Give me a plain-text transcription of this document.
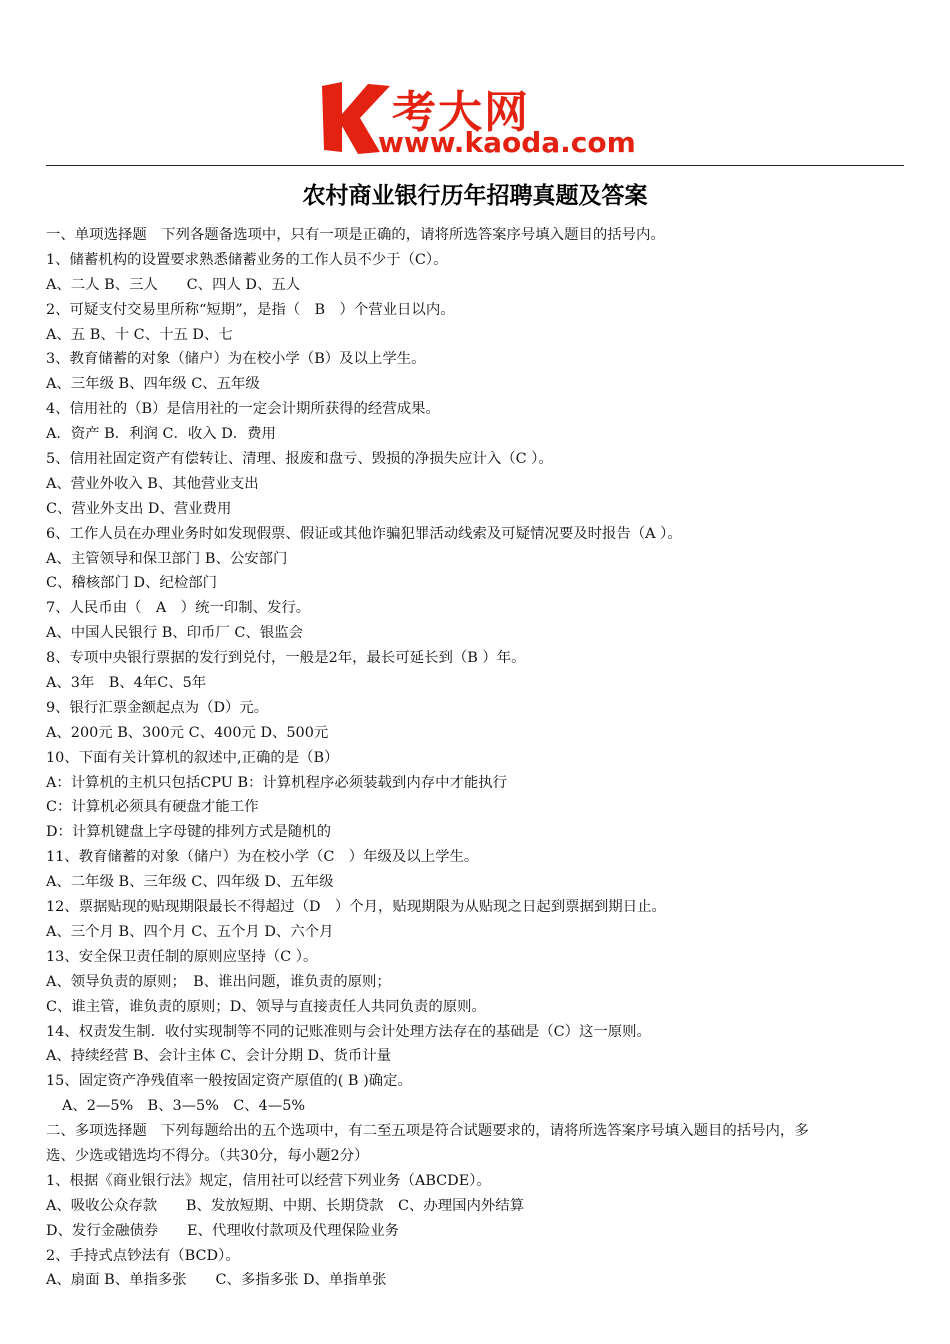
考大网
www.kaoda.com
农村商业银行历年招聘真题及答案
一、单项选择题　下列各题备选项中，只有一项是正确的，请将所选答案序号填入题目的括号内。
1、储蓄机构的设置要求熟悉储蓄业务的工作人员不少于（C）。
A、二人 B、三人　　C、四人 D、五人
2、可疑支付交易里所称“短期”，是指（　B　）个营业日以内。
A、五 B、十 C、十五 D、七
3、教育储蓄的对象（储户）为在校小学（B）及以上学生。
A、三年级 B、四年级 C、五年级
4、信用社的（B）是信用社的一定会计期所获得的经营成果。
A．资产 B．利润 C．收入 D．费用
5、信用社固定资产有偿转让、清理、报废和盘亏、毁损的净损失应计入（C ）。
A、营业外收入 B、其他营业支出
C、营业外支出 D、营业费用
6、工作人员在办理业务时如发现假票、假证或其他诈骗犯罪活动线索及可疑情况要及时报告（A ）。
A、主管领导和保卫部门 B、公安部门
C、稽核部门 D、纪检部门
7、人民币由（　A　）统一印制、发行。
A、中国人民银行 B、印币厂 C、银监会
8、专项中央银行票据的发行到兑付，一般是2年，最长可延长到（B ）年。
A、3年　B、4年C、5年
9、银行汇票金额起点为（D）元。
A、200元 B、300元 C、400元 D、500元
10、下面有关计算机的叙述中,正确的是（B）
A：计算机的主机只包括CPU B：计算机程序必须装载到内存中才能执行
C：计算机必须具有硬盘才能工作
D：计算机键盘上字母键的排列方式是随机的
11、教育储蓄的对象（储户）为在校小学（C　）年级及以上学生。
A、二年级 B、三年级 C、四年级 D、五年级
12、票据贴现的贴现期限最长不得超过（D　）个月，贴现期限为从贴现之日起到票据到期日止。
A、三个月 B、四个月 C、五个月 D、六个月
13、安全保卫责任制的原则应坚持（C ）。
A、领导负责的原则；　B、谁出问题，谁负责的原则；
C、谁主管，谁负责的原则；D、领导与直接责任人共同负责的原则。
14、权责发生制．收付实现制等不同的记账准则与会计处理方法存在的基础是（C）这一原则。
A、持续经营 B、会计主体 C、会计分期 D、货币计量
15、固定资产净残值率一般按固定资产原值的( B )确定。
A、2—5%　B、3—5%　C、4—5%
二、多项选择题　下列每题给出的五个选项中，有二至五项是符合试题要求的，请将所选答案序号填入题目的括号内，多
选、少选或错选均不得分。（共30分，每小题2分）
1、根据《商业银行法》规定，信用社可以经营下列业务（ABCDE）。
A、吸收公众存款　　B、发放短期、中期、长期贷款　C、办理国内外结算
D、发行金融债券　　E、代理收付款项及代理保险业务
2、手持式点钞法有（BCD）。
A、扇面 B、单指多张　　C、多指多张 D、单指单张
